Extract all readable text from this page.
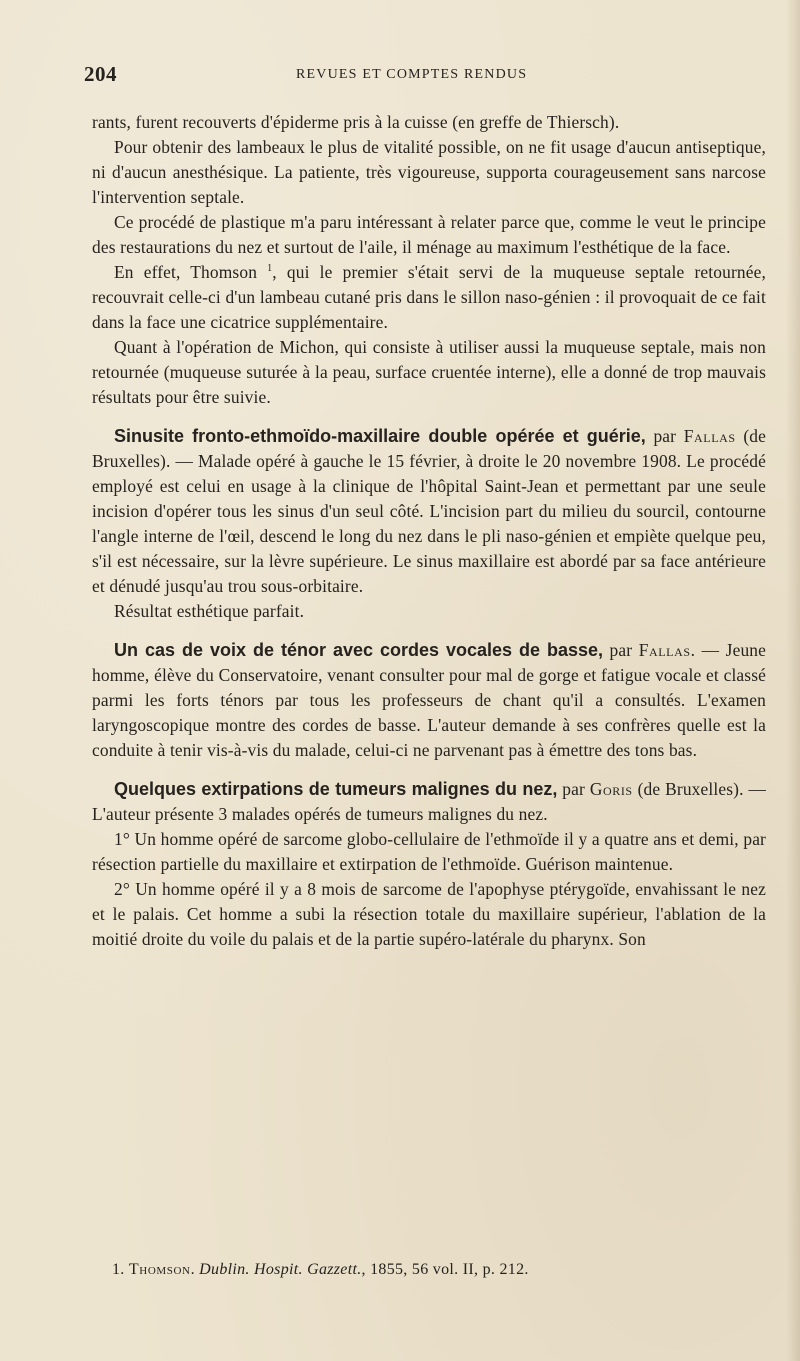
204	REVUES ET COMPTES RENDUS

rants, furent recouverts d'épiderme pris à la cuisse (en greffe de Thiersch).

Pour obtenir des lambeaux le plus de vitalité possible, on ne fit usage d'aucun antiseptique, ni d'aucun anesthésique. La patiente, très vigoureuse, supporta courageusement sans narcose l'intervention septale.

Ce procédé de plastique m'a paru intéressant à relater parce que, comme le veut le principe des restaurations du nez et surtout de l'aile, il ménage au maximum l'esthétique de la face.

En effet, Thomson $^1$, qui le premier s'était servi de la muqueuse septale retournée, recouvrait celle-ci d'un lambeau cutané pris dans le sillon naso-génien : il provoquait de ce fait dans la face une cicatrice supplémentaire.

Quant à l'opération de Michon, qui consiste à utiliser aussi la muqueuse septale, mais non retournée (muqueuse suturée à la peau, surface cruentée interne), elle a donné de trop mauvais résultats pour être suivie.

Sinusite fronto-ethmoïdo-maxillaire double opérée et guérie, par Fallas (de Bruxelles). — Malade opéré à gauche le 15 février, à droite le 20 novembre 1908. Le procédé employé est celui en usage à la clinique de l'hôpital Saint-Jean et permettant par une seule incision d'opérer tous les sinus d'un seul côté. L'incision part du milieu du sourcil, contourne l'angle interne de l'œil, descend le long du nez dans le pli naso-génien et empiète quelque peu, s'il est nécessaire, sur la lèvre supérieure. Le sinus maxillaire est abordé par sa face antérieure et dénudé jusqu'au trou sous-orbitaire.

Résultat esthétique parfait.

Un cas de voix de ténor avec cordes vocales de basse, par Fallas. — Jeune homme, élève du Conservatoire, venant consulter pour mal de gorge et fatigue vocale et classé parmi les forts ténors par tous les professeurs de chant qu'il a consultés. L'examen laryngoscopique montre des cordes de basse. L'auteur demande à ses confrères quelle est la conduite à tenir vis-à-vis du malade, celui-ci ne parvenant pas à émettre des tons bas.

Quelques extirpations de tumeurs malignes du nez, par Goris (de Bruxelles). — L'auteur présente 3 malades opérés de tumeurs malignes du nez.

1° Un homme opéré de sarcome globo-cellulaire de l'ethmoïde il y a quatre ans et demi, par résection partielle du maxillaire et extirpation de l'ethmoïde. Guérison maintenue.

2° Un homme opéré il y a 8 mois de sarcome de l'apophyse ptérygoïde, envahissant le nez et le palais. Cet homme a subi la résection totale du maxillaire supérieur, l'ablation de la moitié droite du voile du palais et de la partie supéro-latérale du pharynx. Son

1. Thomson. Dublin. Hospit. Gazzett., 1855, 56 vol. II, p. 212.
